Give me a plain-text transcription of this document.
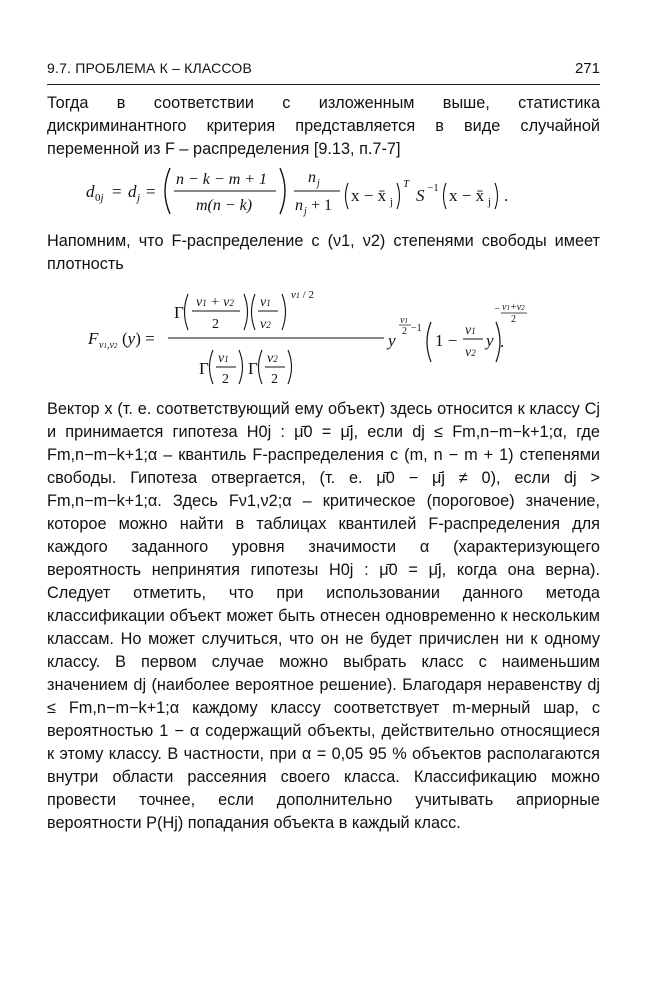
9.7. ПРОБЛЕМА К – КЛАССОВ	271

Тогда в соответствии с изложенным выше, статистика дискриминантного критерия представляется в виде случайной переменной из F – распределения [9.13, п.7-7]

d 0j = d j =
n − k − m + 1
m(n − k)
n j
n j + 1
x − x̄ j
T
S −1 x − x̄ j .

Напомним, что F-распределение с (ν1, ν2) степенями свободы имеет плотность

F ν1,ν2 (y) =
Γ
ν1 + ν2
2
ν1
ν2
ν1 / 2
Γ
ν1
2
Γ
ν2
2
y
ν1
2 −1
1 −
ν1
ν2
y
− ν1+ν2
2
.

Вектор x (т. е. соответствующий ему объект) здесь относится к классу Cj и принимается гипотеза H0j : μ̄0 = μ̄j, если dj ≤ Fm,n−m−k+1;α, где Fm,n−m−k+1;α – квантиль F-распределения с (m, n − m + 1) степенями свободы. Гипотеза отвергается, (т. е. μ̄0 − μ̄j ≠ 0), если dj > Fm,n−m−k+1;α. Здесь Fν1,ν2;α – критическое (пороговое) значение, которое можно найти в таблицах квантилей F-распределения для каждого заданного уровня значимости α (характеризующего вероятность непринятия гипотезы H0j : μ̄0 = μ̄j, когда она верна). Следует отметить, что при использовании данного метода классификации объект может быть отнесен одновременно к нескольким классам. Но может случиться, что он не будет причислен ни к одному классу. В первом случае можно выбрать класс с наименьшим значением dj (наиболее вероятное решение). Благодаря неравенству dj ≤ Fm,n−m−k+1;α каждому классу соответствует m-мерный шар, с вероятностью 1 − α содержащий объекты, действительно относящиеся к этому классу. В частности, при α = 0,05 95 % объектов располагаются внутри области рассеяния своего класса. Классификацию можно провести точнее, если дополнительно учитывать априорные вероятности P(Hj) попадания объекта в каждый класс.
